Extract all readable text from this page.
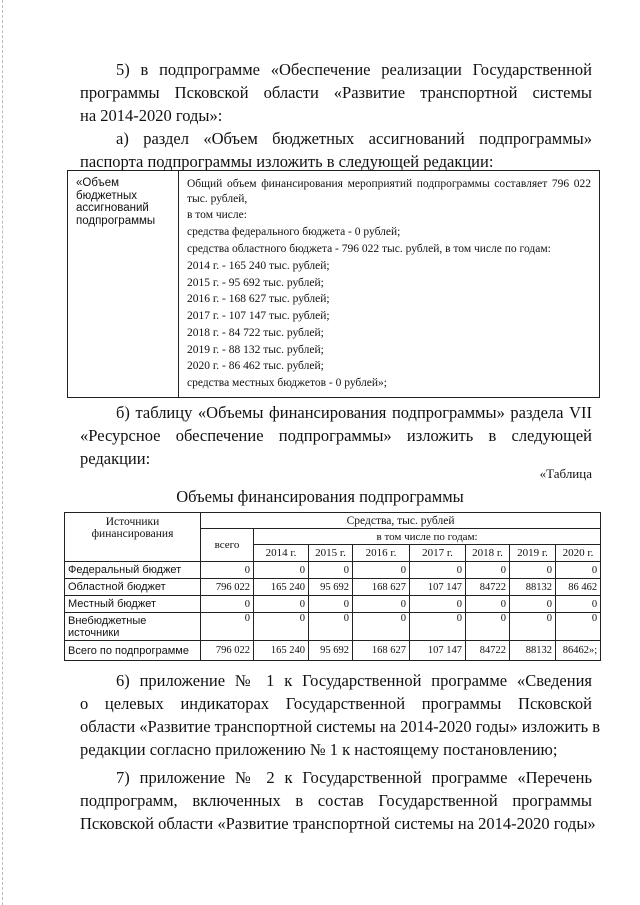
5) в подпрограмме «Обеспечение реализации Государственной
программы Псковской области «Развитие транспортной системы
на 2014-2020 годы»:
а) раздел «Объем бюджетных ассигнований подпрограммы»
паспорта подпрограммы изложить в следующей редакции:
«Объем бюджетных ассигнований подпрограммы
Общий объем финансирования мероприятий подпрограммы составляет 796 022 тыс. рублей,
в том числе:
средства федерального бюджета - 0 рублей;
средства областного бюджета - 796 022 тыс. рублей, в том числе по годам:
2014 г. - 165 240 тыс. рублей;
2015 г. - 95 692 тыс. рублей;
2016 г. - 168 627 тыс. рублей;
2017 г. - 107 147 тыс. рублей;
2018 г. - 84 722 тыс. рублей;
2019 г. - 88 132 тыс. рублей;
2020 г. - 86 462 тыс. рублей;
средства местных бюджетов - 0 рублей»;
б) таблицу «Объемы финансирования подпрограммы» раздела VII
«Ресурсное обеспечение подпрограммы» изложить в следующей
редакции:
«Таблица
Объемы финансирования подпрограммы
Источники финансирования	Средства, тыс. рублей							
	всего	в том числе по годам:						
		2014 г.	2015 г.	2016 г.	2017 г.	2018 г.	2019 г.	2020 г.
Федеральный бюджет	0	0	0	0	0	0	0	0
Областной бюджет	796 022	165 240	95 692	168 627	107 147	84722	88132	86 462
Местный бюджет	0	0	0	0	0	0	0	0
Внебюджетные источники	0	0	0	0	0	0	0	0
Всего по подпрограмме	796 022	165 240	95 692	168 627	107 147	84722	88132	86462»;
6) приложение № 1 к Государственной программе «Сведения
о целевых индикаторах Государственной программы Псковской
области «Развитие транспортной системы на 2014-2020 годы» изложить в
редакции согласно приложению № 1 к настоящему постановлению;
7) приложение № 2 к Государственной программе «Перечень
подпрограмм, включенных в состав Государственной программы
Псковской области «Развитие транспортной системы на 2014-2020 годы»
